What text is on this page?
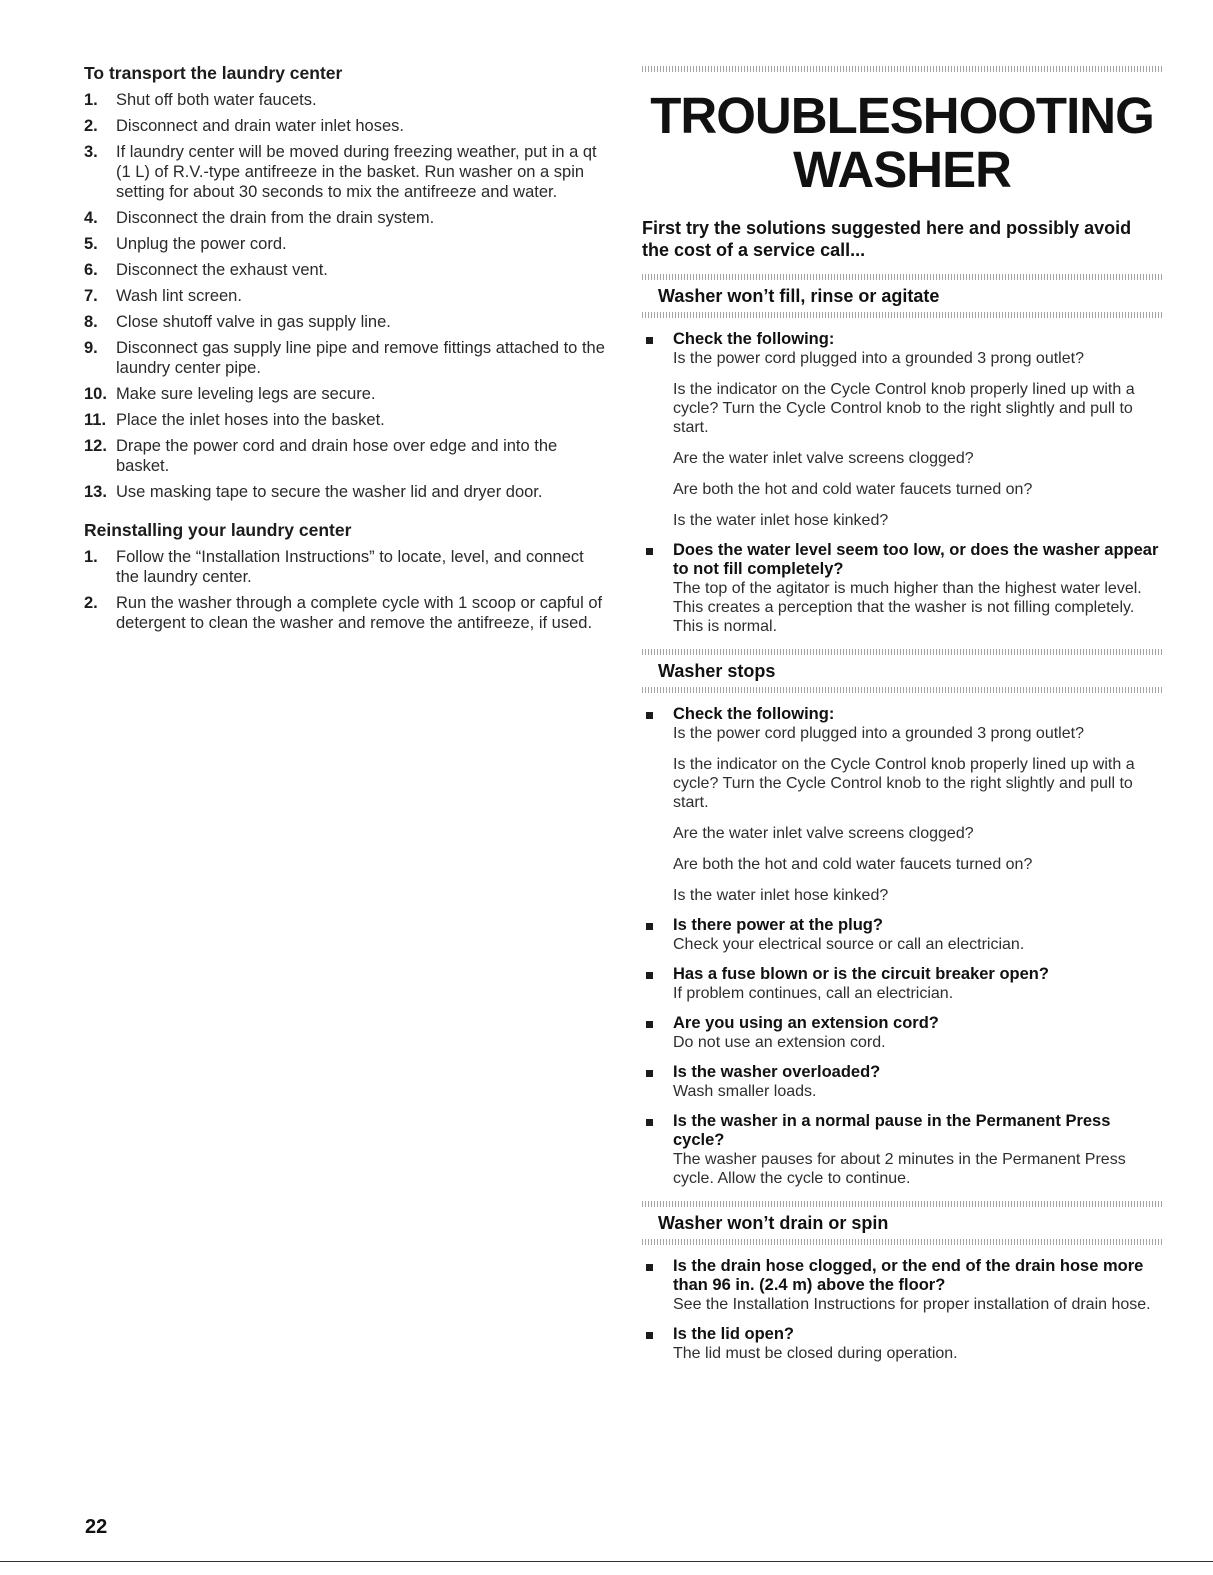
To transport the laundry center
1. Shut off both water faucets.
2. Disconnect and drain water inlet hoses.
3. If laundry center will be moved during freezing weather, put in a qt (1 L) of R.V.-type antifreeze in the basket. Run washer on a spin setting for about 30 seconds to mix the antifreeze and water.
4. Disconnect the drain from the drain system.
5. Unplug the power cord.
6. Disconnect the exhaust vent.
7. Wash lint screen.
8. Close shutoff valve in gas supply line.
9. Disconnect gas supply line pipe and remove fittings attached to the laundry center pipe.
10. Make sure leveling legs are secure.
11. Place the inlet hoses into the basket.
12. Drape the power cord and drain hose over edge and into the basket.
13. Use masking tape to secure the washer lid and dryer door.
Reinstalling your laundry center
1. Follow the “Installation Instructions” to locate, level, and connect the laundry center.
2. Run the washer through a complete cycle with 1 scoop or capful of detergent to clean the washer and remove the antifreeze, if used.
TROUBLESHOOTING
WASHER

First try the solutions suggested here and possibly avoid the cost of a service call...

Washer won’t fill, rinse or agitate
Check the following:
Is the power cord plugged into a grounded 3 prong outlet?
Is the indicator on the Cycle Control knob properly lined up with a cycle? Turn the Cycle Control knob to the right slightly and pull to start.
Are the water inlet valve screens clogged?
Are both the hot and cold water faucets turned on?
Is the water inlet hose kinked?
Does the water level seem too low, or does the washer appear to not fill completely?
The top of the agitator is much higher than the highest water level. This creates a perception that the washer is not filling completely. This is normal.
Washer stops
Check the following:
Is the power cord plugged into a grounded 3 prong outlet?
Is the indicator on the Cycle Control knob properly lined up with a cycle? Turn the Cycle Control knob to the right slightly and pull to start.
Are the water inlet valve screens clogged?
Are both the hot and cold water faucets turned on?
Is the water inlet hose kinked?
Is there power at the plug?
Check your electrical source or call an electrician.
Has a fuse blown or is the circuit breaker open?
If problem continues, call an electrician.
Are you using an extension cord?
Do not use an extension cord.
Is the washer overloaded?
Wash smaller loads.
Is the washer in a normal pause in the Permanent Press cycle?
The washer pauses for about 2 minutes in the Permanent Press cycle. Allow the cycle to continue.
Washer won’t drain or spin
Is the drain hose clogged, or the end of the drain hose more than 96 in. (2.4 m) above the floor?
See the Installation Instructions for proper installation of drain hose.
Is the lid open?
The lid must be closed during operation.
22
